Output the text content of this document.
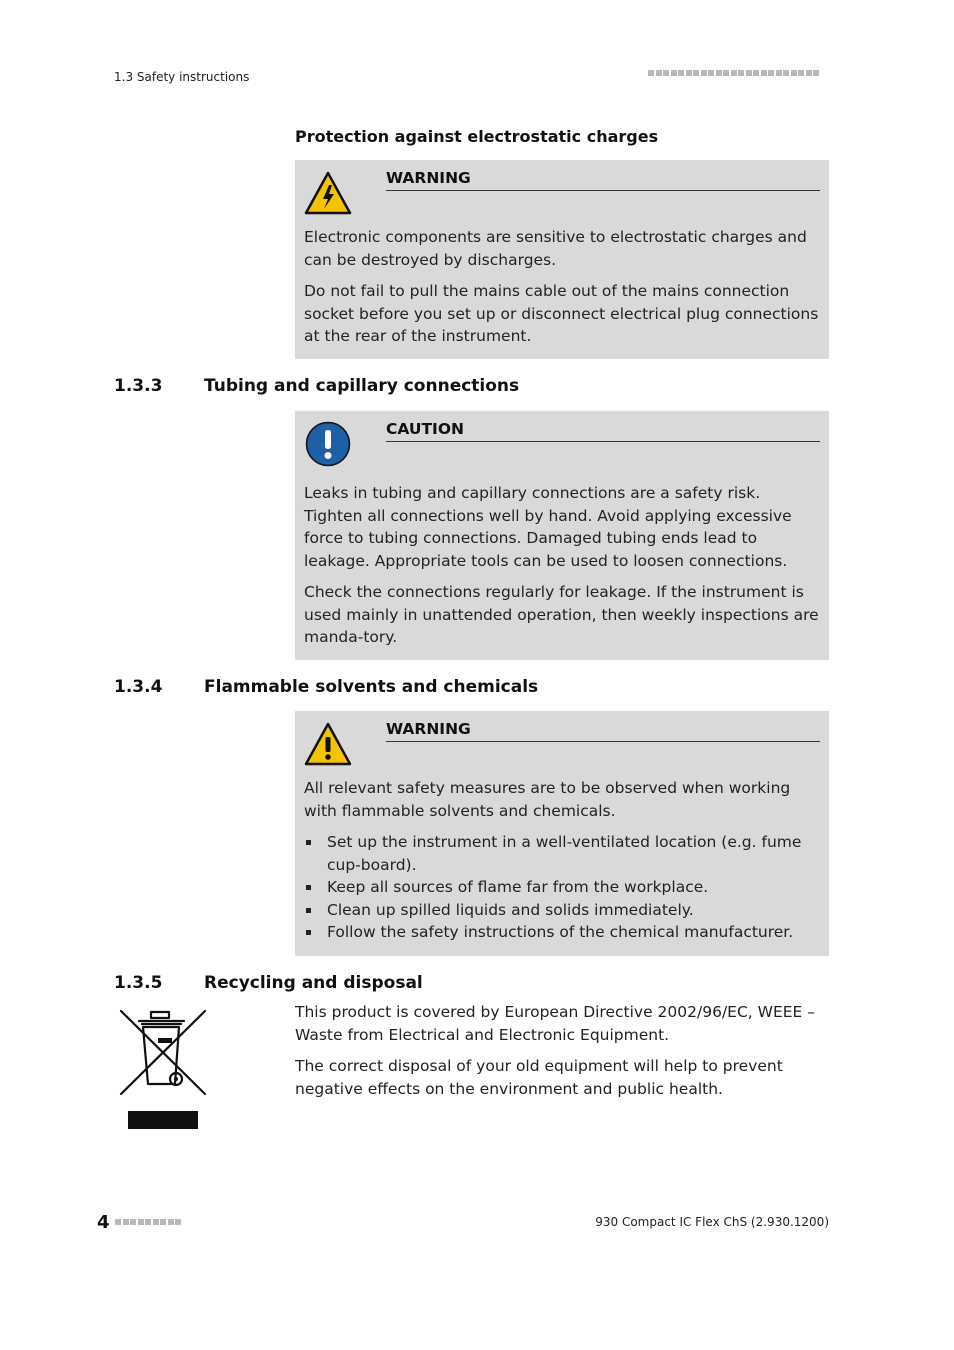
1.3 Safety instructions
Protection against electrostatic charges
WARNING

Electronic components are sensitive to electrostatic charges and can be destroyed by discharges.

Do not fail to pull the mains cable out of the mains connection socket before you set up or disconnect electrical plug connections at the rear of the instrument.

1.3.3 Tubing and capillary connections
CAUTION

Leaks in tubing and capillary connections are a safety risk. Tighten all connections well by hand. Avoid applying excessive force to tubing connections. Damaged tubing ends lead to leakage. Appropriate tools can be used to loosen connections.

Check the connections regularly for leakage. If the instrument is used mainly in unattended operation, then weekly inspections are manda-tory.

1.3.4 Flammable solvents and chemicals
WARNING

All relevant safety measures are to be observed when working with flammable solvents and chemicals.

Set up the instrument in a well-ventilated location (e.g. fume cup-board).
Keep all sources of flame far from the workplace.
Clean up spilled liquids and solids immediately.
Follow the safety instructions of the chemical manufacturer.
1.3.5 Recycling and disposal

This product is covered by European Directive 2002/96/EC, WEEE – Waste from Electrical and Electronic Equipment.

The correct disposal of your old equipment will help to prevent negative effects on the environment and public health.

4	930 Compact IC Flex ChS (2.930.1200)
